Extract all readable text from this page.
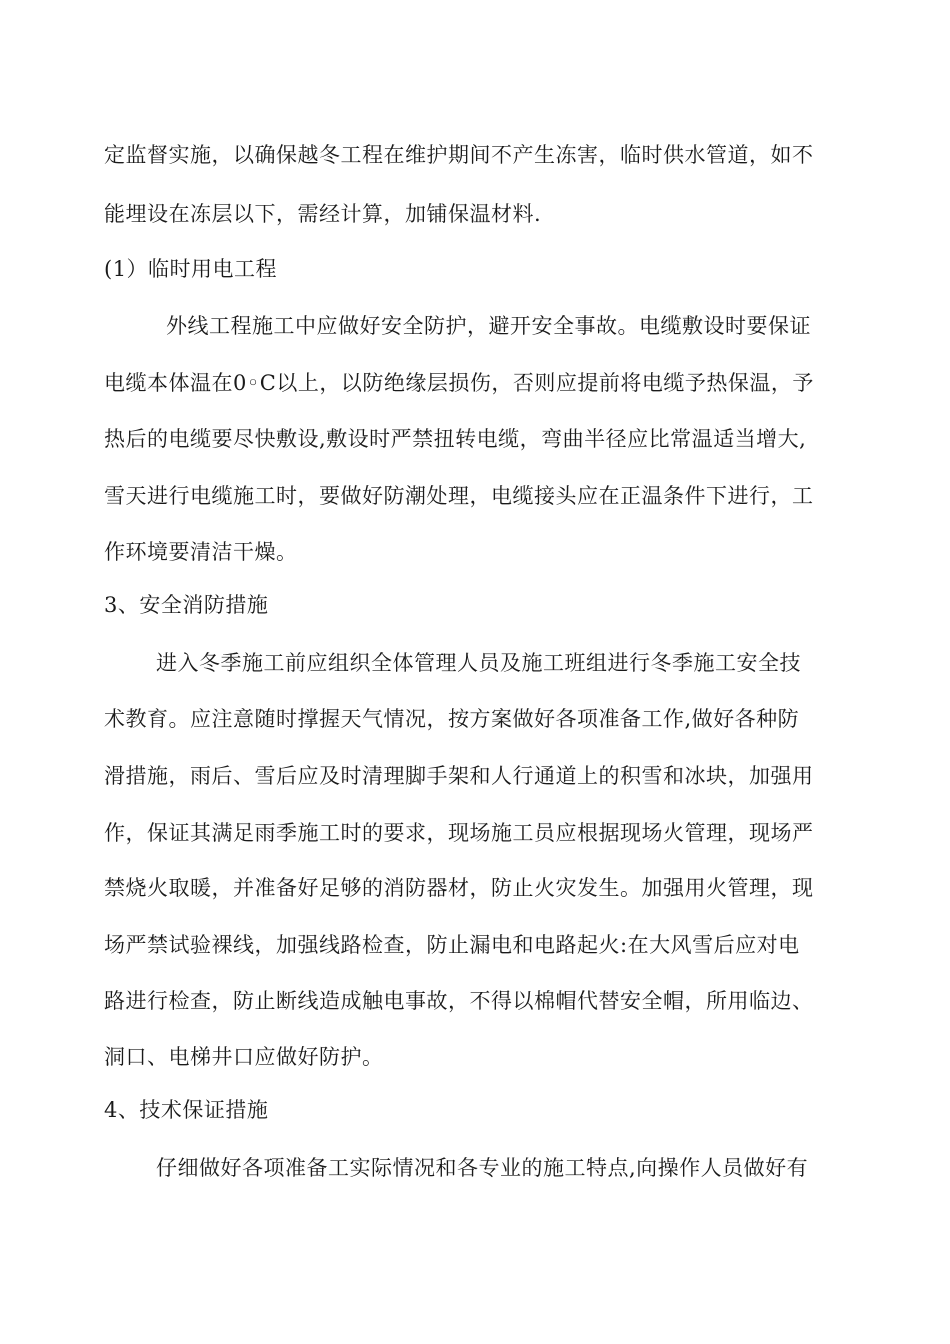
定监督实施，以确保越冬工程在维护期间不产生冻害，临时供水管道，如不

能埋设在冻层以下，需经计算，加铺保温材料.

(1）临时用电工程

外线工程施工中应做好安全防护，避开安全事故。电缆敷设时要保证

电缆本体温在0◦C以上，以防绝缘层损伤，否则应提前将电缆予热保温，予

热后的电缆要尽快敷设,敷设时严禁扭转电缆，弯曲半径应比常温适当增大,

雪天进行电缆施工时，要做好防潮处理，电缆接头应在正温条件下进行，工

作环境要清洁干燥。

3、安全消防措施

进入冬季施工前应组织全体管理人员及施工班组进行冬季施工安全技

术教育。应注意随时撑握天气情况，按方案做好各项准备工作,做好各种防

滑措施，雨后、雪后应及时清理脚手架和人行通道上的积雪和冰块，加强用

作，保证其满足雨季施工时的要求，现场施工员应根据现场火管理，现场严

禁烧火取暖，并准备好足够的消防器材，防止火灾发生。加强用火管理，现

场严禁试验裸线，加强线路检查，防止漏电和电路起火:在大风雪后应对电

路进行检查，防止断线造成触电事故，不得以棉帽代替安全帽，所用临边、

洞口、电梯井口应做好防护。

4、技术保证措施

仔细做好各项准备工实际情况和各专业的施工特点,向操作人员做好有
